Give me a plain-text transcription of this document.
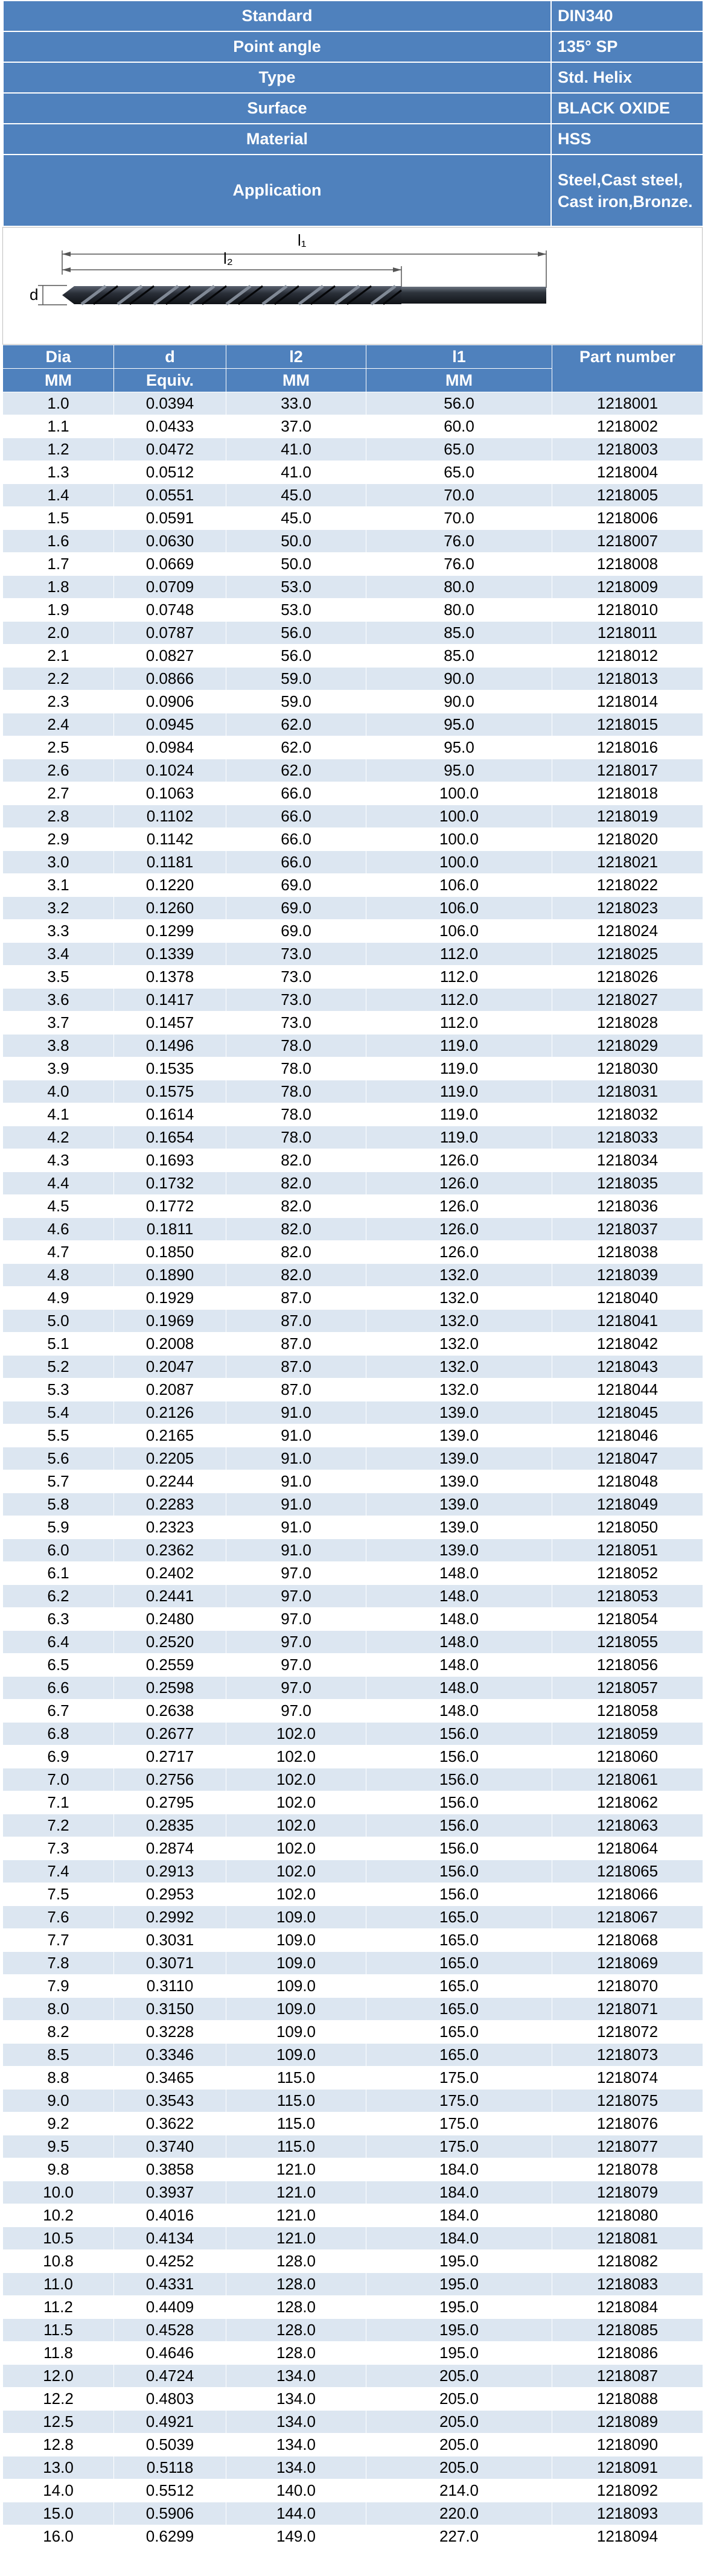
Standard	DIN340
Point angle	135° SP
Type	Std. Helix
Surface	BLACK OXIDE
Material	HSS
Application	Steel,Cast steel, Cast iron,Bronze.
l₁
l₂
d
Dia	d	l2	l1	Part number
MM	Equiv.	MM	MM	
1.0	0.0394	33.0	56.0	1218001
1.1	0.0433	37.0	60.0	1218002
1.2	0.0472	41.0	65.0	1218003
1.3	0.0512	41.0	65.0	1218004
1.4	0.0551	45.0	70.0	1218005
1.5	0.0591	45.0	70.0	1218006
1.6	0.0630	50.0	76.0	1218007
1.7	0.0669	50.0	76.0	1218008
1.8	0.0709	53.0	80.0	1218009
1.9	0.0748	53.0	80.0	1218010
2.0	0.0787	56.0	85.0	1218011
2.1	0.0827	56.0	85.0	1218012
2.2	0.0866	59.0	90.0	1218013
2.3	0.0906	59.0	90.0	1218014
2.4	0.0945	62.0	95.0	1218015
2.5	0.0984	62.0	95.0	1218016
2.6	0.1024	62.0	95.0	1218017
2.7	0.1063	66.0	100.0	1218018
2.8	0.1102	66.0	100.0	1218019
2.9	0.1142	66.0	100.0	1218020
3.0	0.1181	66.0	100.0	1218021
3.1	0.1220	69.0	106.0	1218022
3.2	0.1260	69.0	106.0	1218023
3.3	0.1299	69.0	106.0	1218024
3.4	0.1339	73.0	112.0	1218025
3.5	0.1378	73.0	112.0	1218026
3.6	0.1417	73.0	112.0	1218027
3.7	0.1457	73.0	112.0	1218028
3.8	0.1496	78.0	119.0	1218029
3.9	0.1535	78.0	119.0	1218030
4.0	0.1575	78.0	119.0	1218031
4.1	0.1614	78.0	119.0	1218032
4.2	0.1654	78.0	119.0	1218033
4.3	0.1693	82.0	126.0	1218034
4.4	0.1732	82.0	126.0	1218035
4.5	0.1772	82.0	126.0	1218036
4.6	0.1811	82.0	126.0	1218037
4.7	0.1850	82.0	126.0	1218038
4.8	0.1890	82.0	132.0	1218039
4.9	0.1929	87.0	132.0	1218040
5.0	0.1969	87.0	132.0	1218041
5.1	0.2008	87.0	132.0	1218042
5.2	0.2047	87.0	132.0	1218043
5.3	0.2087	87.0	132.0	1218044
5.4	0.2126	91.0	139.0	1218045
5.5	0.2165	91.0	139.0	1218046
5.6	0.2205	91.0	139.0	1218047
5.7	0.2244	91.0	139.0	1218048
5.8	0.2283	91.0	139.0	1218049
5.9	0.2323	91.0	139.0	1218050
6.0	0.2362	91.0	139.0	1218051
6.1	0.2402	97.0	148.0	1218052
6.2	0.2441	97.0	148.0	1218053
6.3	0.2480	97.0	148.0	1218054
6.4	0.2520	97.0	148.0	1218055
6.5	0.2559	97.0	148.0	1218056
6.6	0.2598	97.0	148.0	1218057
6.7	0.2638	97.0	148.0	1218058
6.8	0.2677	102.0	156.0	1218059
6.9	0.2717	102.0	156.0	1218060
7.0	0.2756	102.0	156.0	1218061
7.1	0.2795	102.0	156.0	1218062
7.2	0.2835	102.0	156.0	1218063
7.3	0.2874	102.0	156.0	1218064
7.4	0.2913	102.0	156.0	1218065
7.5	0.2953	102.0	156.0	1218066
7.6	0.2992	109.0	165.0	1218067
7.7	0.3031	109.0	165.0	1218068
7.8	0.3071	109.0	165.0	1218069
7.9	0.3110	109.0	165.0	1218070
8.0	0.3150	109.0	165.0	1218071
8.2	0.3228	109.0	165.0	1218072
8.5	0.3346	109.0	165.0	1218073
8.8	0.3465	115.0	175.0	1218074
9.0	0.3543	115.0	175.0	1218075
9.2	0.3622	115.0	175.0	1218076
9.5	0.3740	115.0	175.0	1218077
9.8	0.3858	121.0	184.0	1218078
10.0	0.3937	121.0	184.0	1218079
10.2	0.4016	121.0	184.0	1218080
10.5	0.4134	121.0	184.0	1218081
10.8	0.4252	128.0	195.0	1218082
11.0	0.4331	128.0	195.0	1218083
11.2	0.4409	128.0	195.0	1218084
11.5	0.4528	128.0	195.0	1218085
11.8	0.4646	128.0	195.0	1218086
12.0	0.4724	134.0	205.0	1218087
12.2	0.4803	134.0	205.0	1218088
12.5	0.4921	134.0	205.0	1218089
12.8	0.5039	134.0	205.0	1218090
13.0	0.5118	134.0	205.0	1218091
14.0	0.5512	140.0	214.0	1218092
15.0	0.5906	144.0	220.0	1218093
16.0	0.6299	149.0	227.0	1218094
